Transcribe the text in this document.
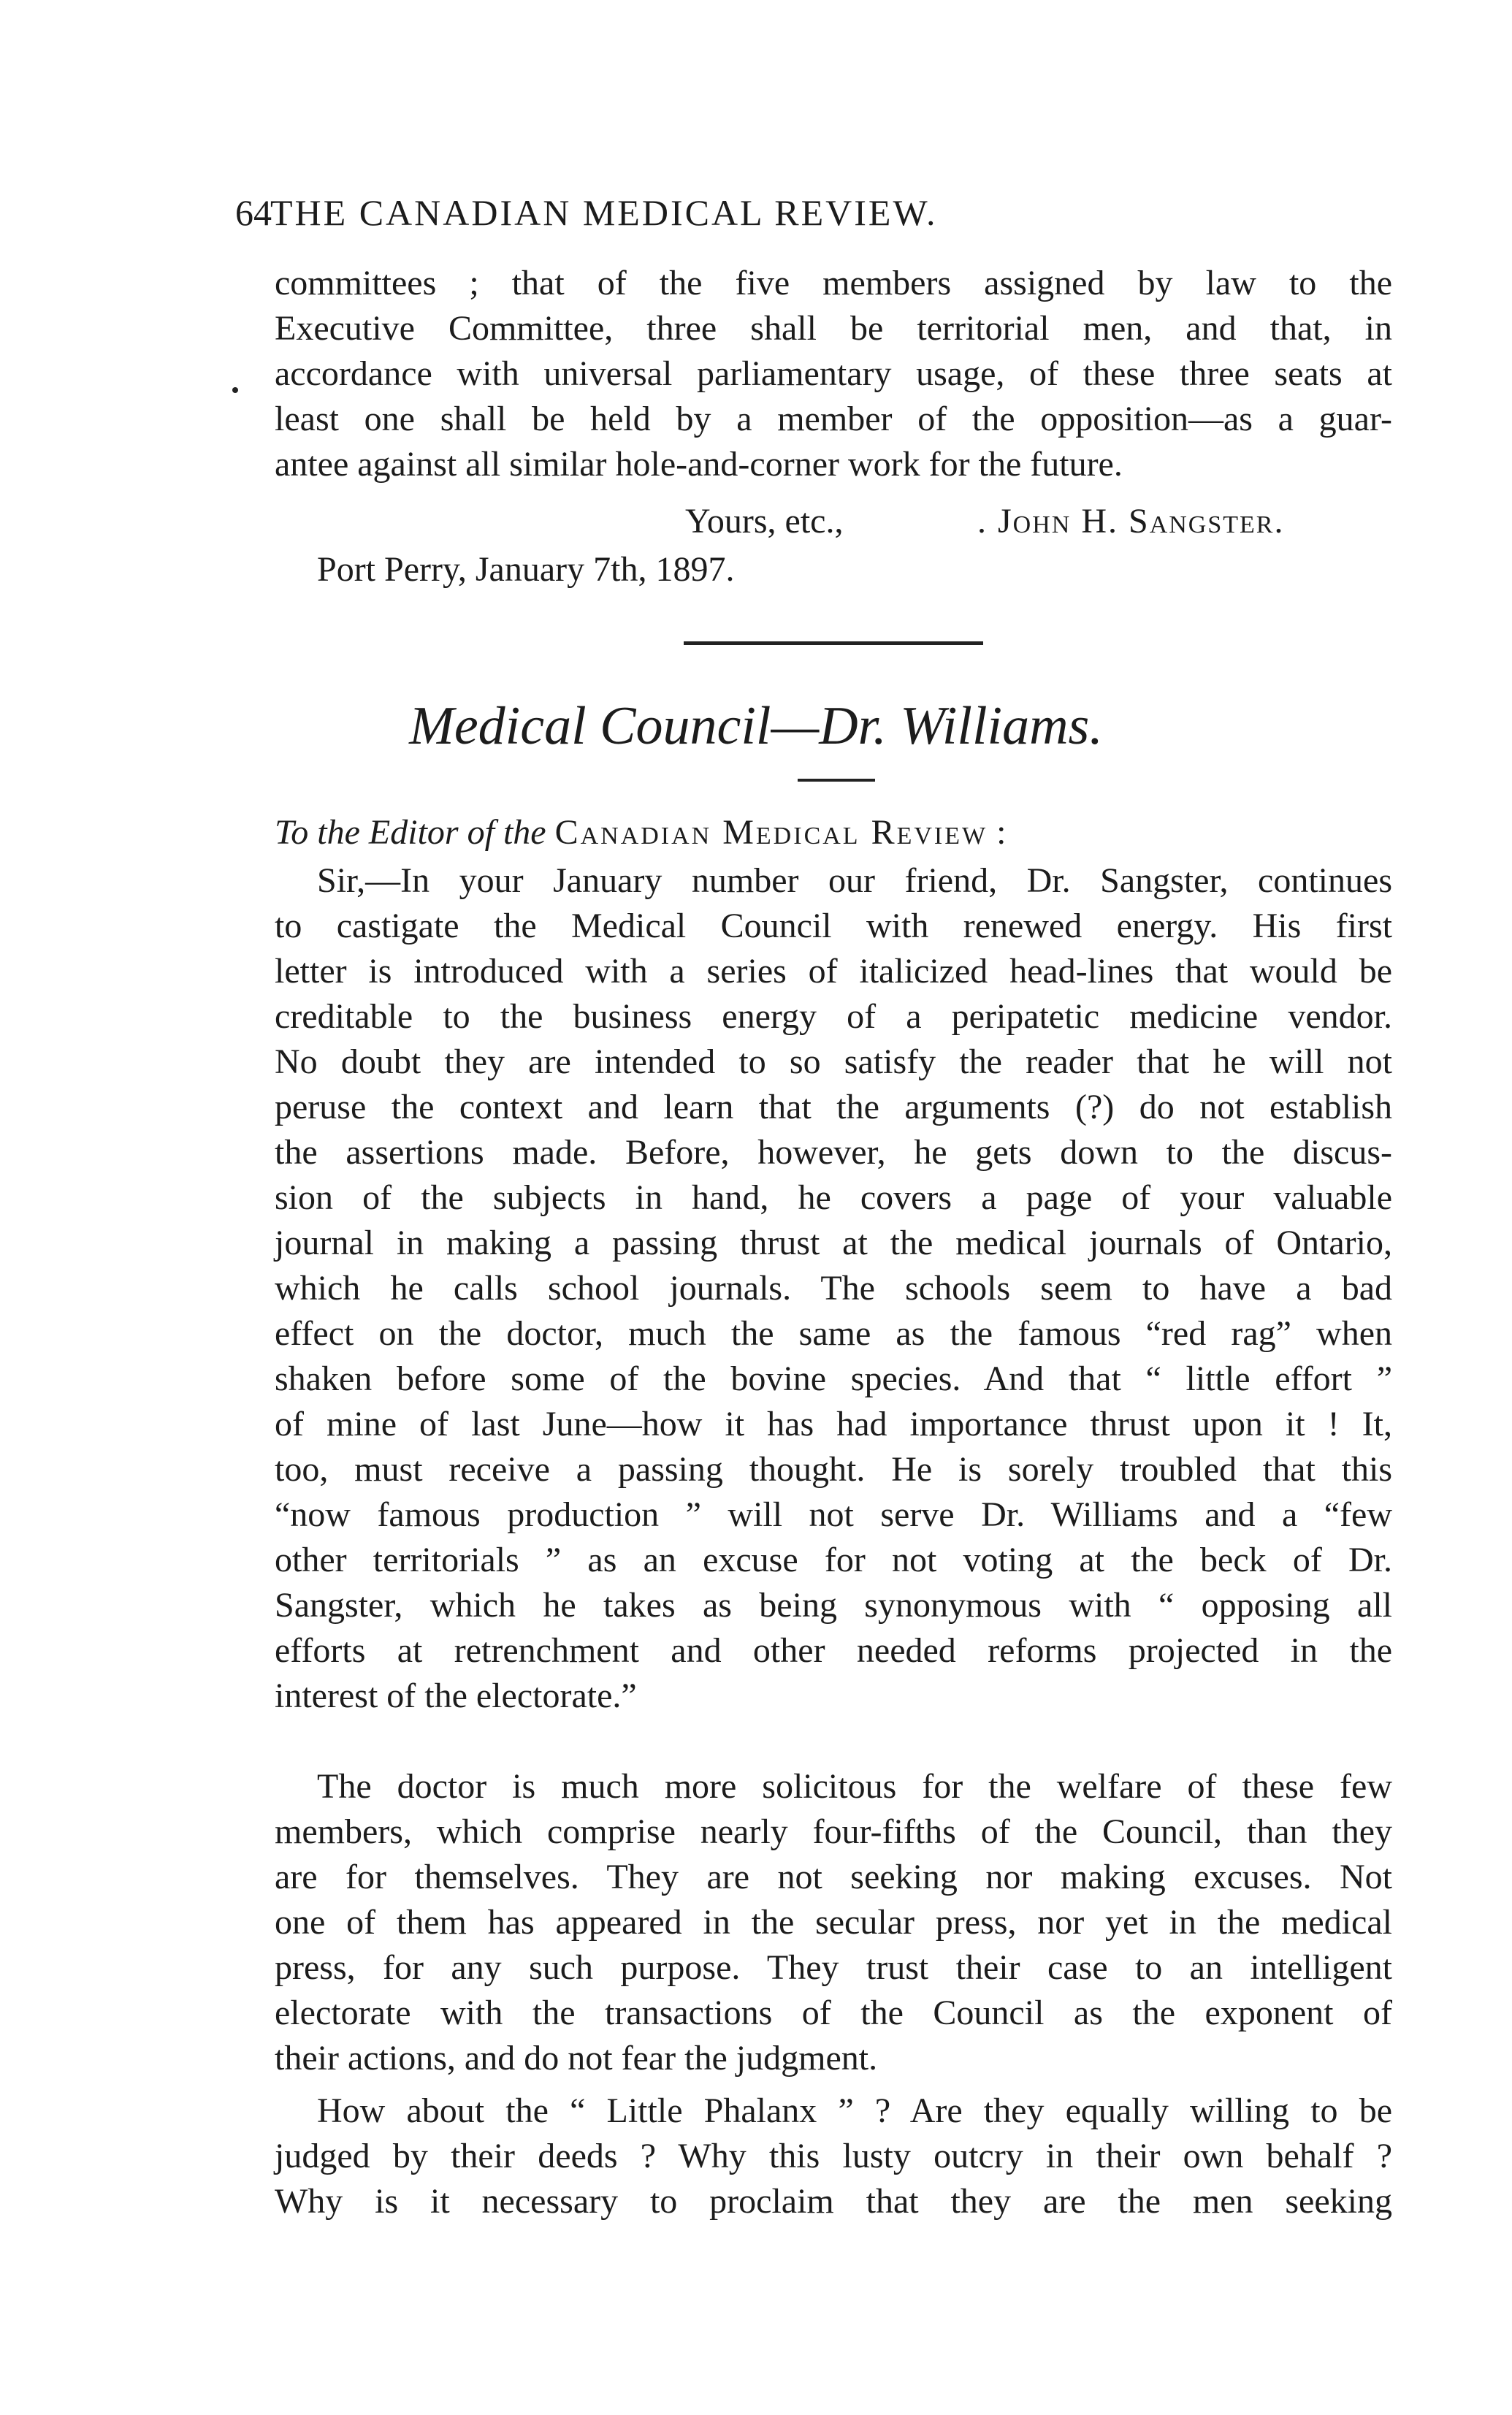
64
THE CANADIAN MEDICAL REVIEW.
committees ; that of the five members assigned by law to the
Executive Committee, three shall be territorial men, and that, in
accordance with universal parliamentary usage, of these three seats at
least one shall be held by a member of the opposition—as a guar-
antee against all similar hole-and-corner work for the future.
Yours, etc.,	. John H. Sangster.
Port Perry, January 7th, 1897.
Medical Council—Dr. Williams.
To the Editor of the Canadian Medical Review :
Sir,—In your January number our friend, Dr. Sangster, continues
to castigate the Medical Council with renewed energy. His first
letter is introduced with a series of italicized head-lines that would be
creditable to the business energy of a peripatetic medicine vendor.
No doubt they are intended to so satisfy the reader that he will not
peruse the context and learn that the arguments (?) do not establish
the assertions made. Before, however, he gets down to the discus-
sion of the subjects in hand, he covers a page of your valuable
journal in making a passing thrust at the medical journals of Ontario,
which he calls school journals. The schools seem to have a bad
effect on the doctor, much the same as the famous “red rag” when
shaken before some of the bovine species. And that “ little effort ”
of mine of last June—how it has had importance thrust upon it ! It,
too, must receive a passing thought. He is sorely troubled that this
“now famous production ” will not serve Dr. Williams and a “few
other territorials ” as an excuse for not voting at the beck of Dr.
Sangster, which he takes as being synonymous with “ opposing all
efforts at retrenchment and other needed reforms projected in the
interest of the electorate.”
The doctor is much more solicitous for the welfare of these few
members, which comprise nearly four-fifths of the Council, than they
are for themselves. They are not seeking nor making excuses. Not
one of them has appeared in the secular press, nor yet in the medical
press, for any such purpose. They trust their case to an intelligent
electorate with the transactions of the Council as the exponent of
their actions, and do not fear the judgment.
How about the “ Little Phalanx ” ? Are they equally willing to be
judged by their deeds ? Why this lusty outcry in their own behalf ?
Why is it necessary to proclaim that they are the men seeking
